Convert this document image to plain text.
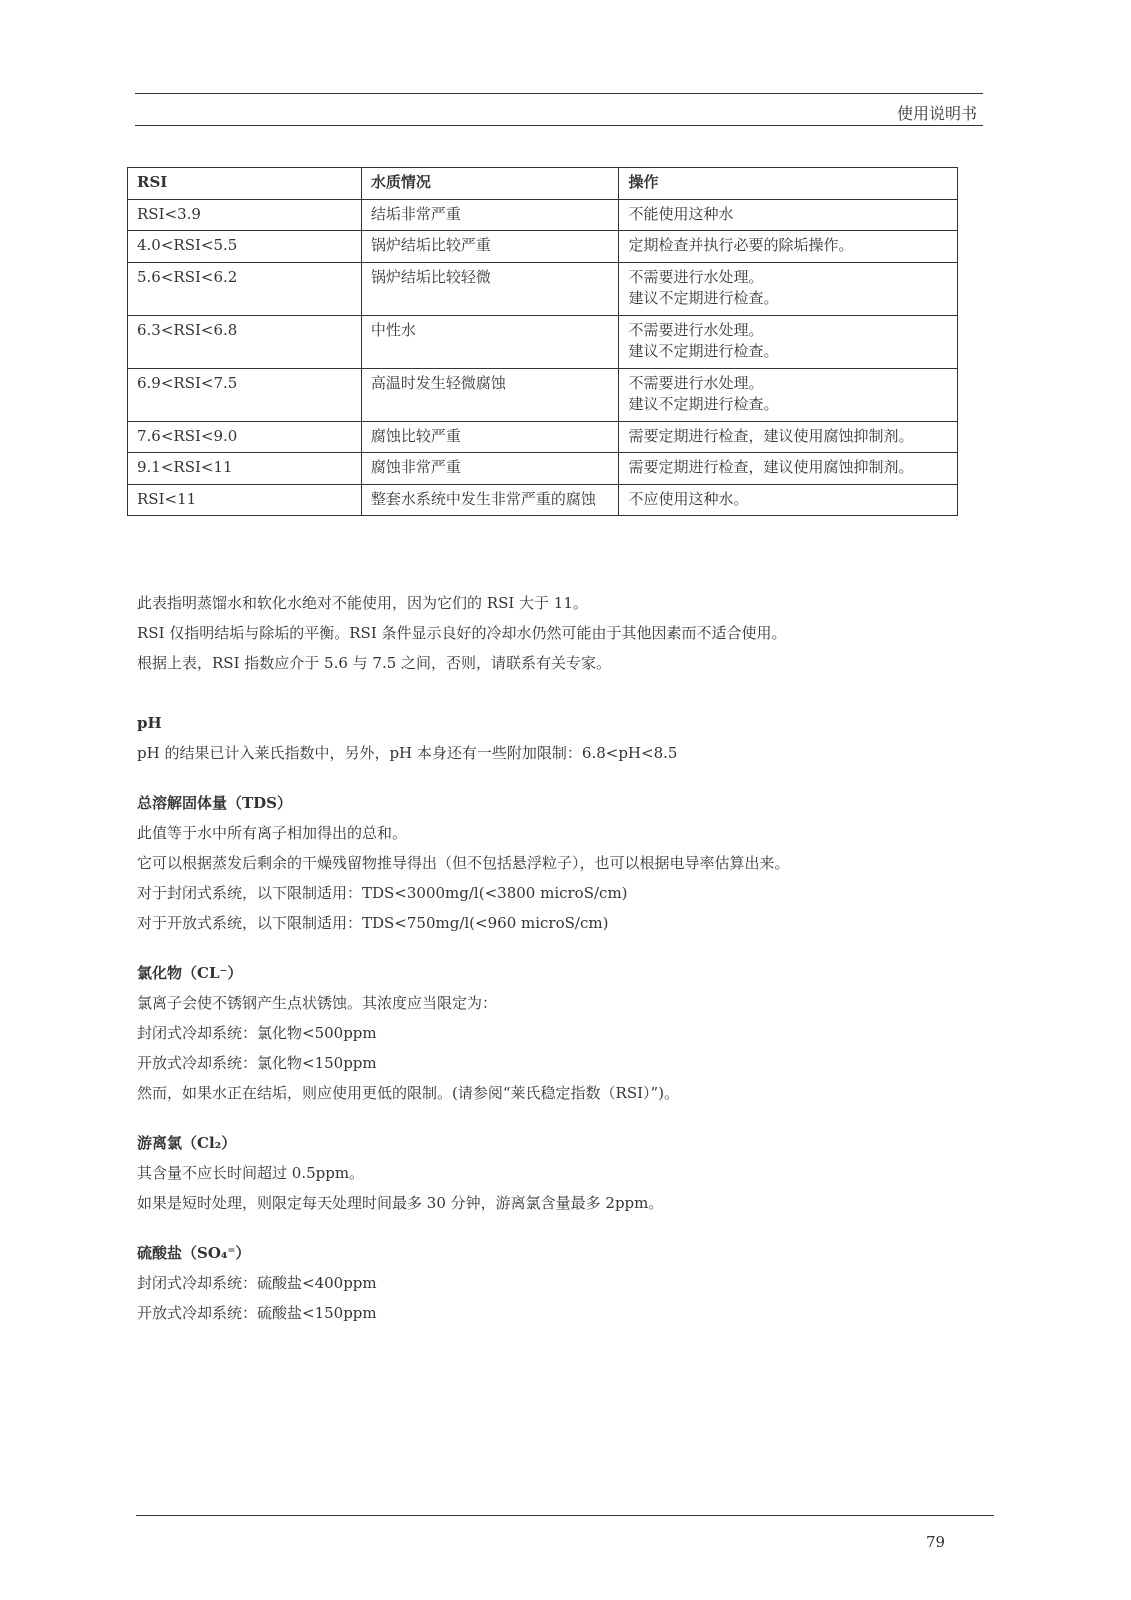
使用说明书
RSI	水质情况	操作
RSI<3.9	结垢非常严重	不能使用这种水

4.0<RSI<5.5	锅炉结垢比较严重	定期检查并执行必要的除垢操作。

5.6<RSI<6.2	锅炉结垢比较轻微	不需要进行水处理。
建议不定期进行检查。

6.3<RSI<6.8	中性水	不需要进行水处理。
建议不定期进行检查。

6.9<RSI<7.5	高温时发生轻微腐蚀	不需要进行水处理。
建议不定期进行检查。

7.6<RSI<9.0	腐蚀比较严重	需要定期进行检查，建议使用腐蚀抑制剂。

9.1<RSI<11	腐蚀非常严重	需要定期进行检查，建议使用腐蚀抑制剂。

RSI<11	整套水系统中发生非常严重的腐蚀	不应使用这种水。

此表指明蒸馏水和软化水绝对不能使用，因为它们的 RSI 大于 11。

RSI 仅指明结垢与除垢的平衡。RSI 条件显示良好的冷却水仍然可能由于其他因素而不适合使用。

根据上表，RSI 指数应介于 5.6 与 7.5 之间，否则，请联系有关专家。

pH

pH 的结果已计入莱氏指数中，另外，pH 本身还有一些附加限制：6.8<pH<8.5

总溶解固体量（TDS）

此值等于水中所有离子相加得出的总和。

它可以根据蒸发后剩余的干燥残留物推导得出（但不包括悬浮粒子），也可以根据电导率估算出来。

对于封闭式系统，以下限制适用：TDS<3000mg/l(<3800 microS/cm)

对于开放式系统，以下限制适用：TDS<750mg/l(<960 microS/cm)

氯化物（CL⁻）

氯离子会使不锈钢产生点状锈蚀。其浓度应当限定为：

封闭式冷却系统：氯化物<500ppm

开放式冷却系统：氯化物<150ppm

然而，如果水正在结垢，则应使用更低的限制。(请参阅“莱氏稳定指数（RSI）”)。

游离氯（Cl₂）

其含量不应长时间超过 0.5ppm。

如果是短时处理，则限定每天处理时间最多 30 分钟，游离氯含量最多 2ppm。

硫酸盐（SO₄⁼）

封闭式冷却系统：硫酸盐<400ppm

开放式冷却系统：硫酸盐<150ppm

79
